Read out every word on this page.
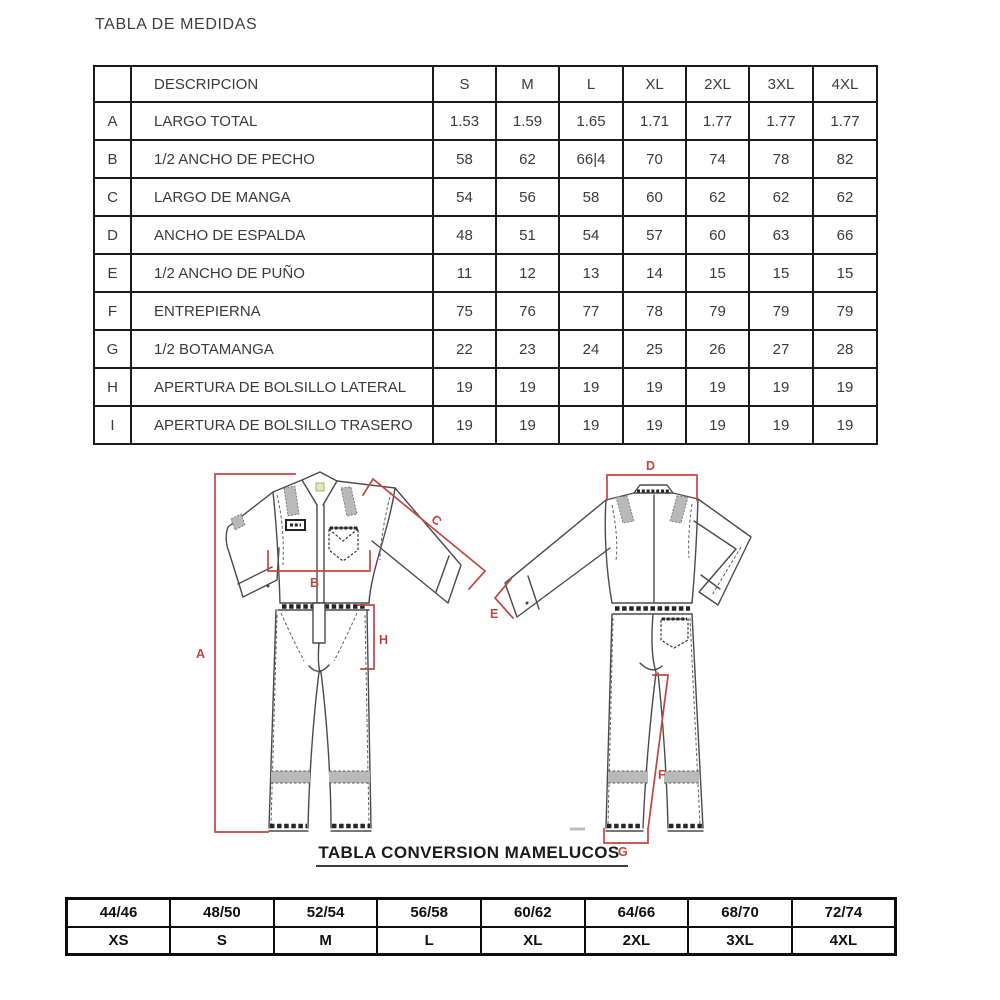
TABLA DE MEDIDAS
	DESCRIPCION	S	M	L	XL	2XL	3XL	4XL
A	LARGO TOTAL	1.53	1.59	1.65	1.71	1.77	1.77	1.77
B	1/2 ANCHO DE PECHO	58	62	66|4	70	74	78	82
C	LARGO DE MANGA	54	56	58	60	62	62	62
D	ANCHO DE ESPALDA	48	51	54	57	60	63	66
E	1/2 ANCHO DE PUÑO	11	12	13	14	15	15	15
F	ENTREPIERNA	75	76	77	78	79	79	79
G	1/2 BOTAMANGA	22	23	24	25	26	27	28
H	APERTURA DE BOLSILLO LATERAL	19	19	19	19	19	19	19
I	APERTURA DE BOLSILLO TRASERO	19	19	19	19	19	19	19
A
B
C
D
E
F
G
H
TABLA CONVERSION MAMELUCOS
44/46	48/50	52/54	56/58	60/62	64/66	68/70	72/74
XS	S	M	L	XL	2XL	3XL	4XL
